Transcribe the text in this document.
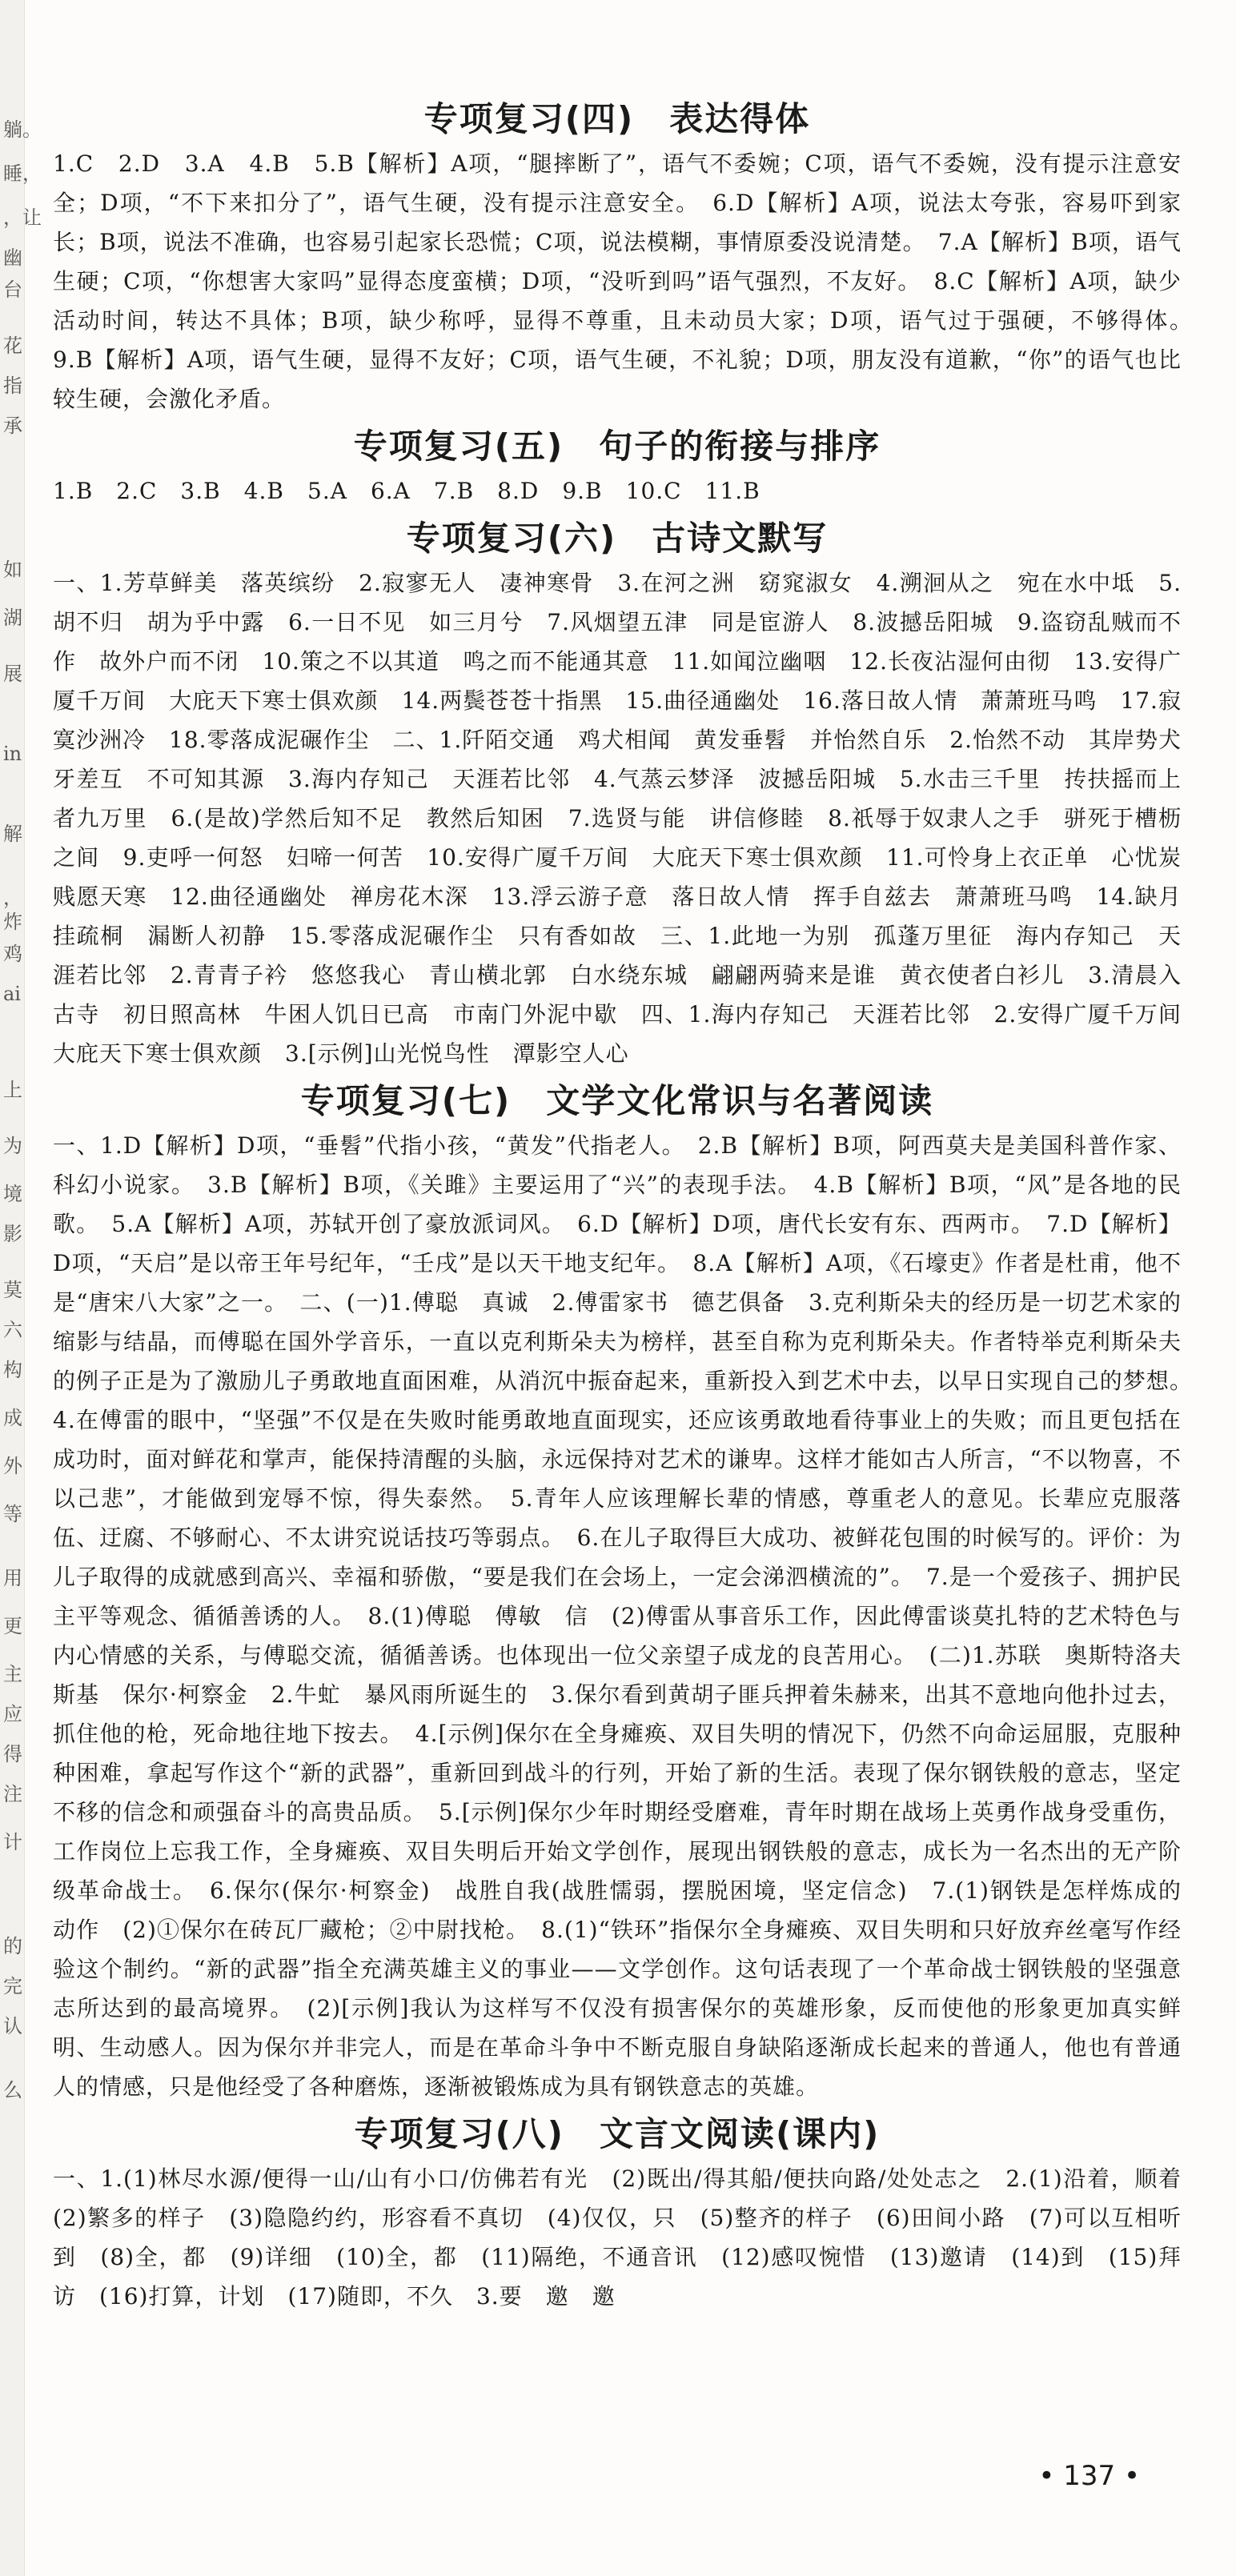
躺。
睡，
，让
幽
台
花
指
承
如
湖
展
in
解
，
炸
鸡
ai
上
为
境
影
莫
六
构
成
外
等
用
更
主
应
得
注
计
的
完
认
么
专项复习(四)　表达得体

1.C　2.D　3.A　4.B　5.B【解析】A项，“腿摔断了”，语气不委婉；C项，语气不委婉，没有提示注意安全；D项，“不下来扣分了”，语气生硬，没有提示注意安全。　6.D【解析】A项，说法太夸张，容易吓到家长；B项，说法不准确，也容易引起家长恐慌；C项，说法模糊，事情原委没说清楚。　7.A【解析】B项，语气生硬；C项，“你想害大家吗”显得态度蛮横；D项，“没听到吗”语气强烈，不友好。　8.C【解析】A项，缺少活动时间，转达不具体；B项，缺少称呼，显得不尊重，且未动员大家；D项，语气过于强硬，不够得体。　9.B【解析】A项，语气生硬，显得不友好；C项，语气生硬，不礼貌；D项，朋友没有道歉，“你”的语气也比较生硬，会激化矛盾。

专项复习(五)　句子的衔接与排序

1.B　2.C　3.B　4.B　5.A　6.A　7.B　8.D　9.B　10.C　11.B

专项复习(六)　古诗文默写

一、1.芳草鲜美　落英缤纷　2.寂寥无人　凄神寒骨　3.在河之洲　窈窕淑女　4.溯洄从之　宛在水中坻　5.胡不归　胡为乎中露　6.一日不见　如三月兮　7.风烟望五津　同是宦游人　8.波撼岳阳城　9.盗窃乱贼而不作　故外户而不闭　10.策之不以其道　鸣之而不能通其意　11.如闻泣幽咽　12.长夜沾湿何由彻　13.安得广厦千万间　大庇天下寒士俱欢颜　14.两鬓苍苍十指黑　15.曲径通幽处　16.落日故人情　萧萧班马鸣　17.寂寞沙洲冷　18.零落成泥碾作尘　二、1.阡陌交通　鸡犬相闻　黄发垂髫　并怡然自乐　2.怡然不动　其岸势犬牙差互　不可知其源　3.海内存知己　天涯若比邻　4.气蒸云梦泽　波撼岳阳城　5.水击三千里　抟扶摇而上者九万里　6.(是故)学然后知不足　教然后知困　7.选贤与能　讲信修睦　8.祇辱于奴隶人之手　骈死于槽枥之间　9.吏呼一何怒　妇啼一何苦　10.安得广厦千万间　大庇天下寒士俱欢颜　11.可怜身上衣正单　心忧炭贱愿天寒　12.曲径通幽处　禅房花木深　13.浮云游子意　落日故人情　挥手自兹去　萧萧班马鸣　14.缺月挂疏桐　漏断人初静　15.零落成泥碾作尘　只有香如故　三、1.此地一为别　孤蓬万里征　海内存知己　天涯若比邻　2.青青子衿　悠悠我心　青山横北郭　白水绕东城　翩翩两骑来是谁　黄衣使者白衫儿　3.清晨入古寺　初日照高林　牛困人饥日已高　市南门外泥中歇　四、1.海内存知己　天涯若比邻　2.安得广厦千万间　大庇天下寒士俱欢颜　3.[示例]山光悦鸟性　潭影空人心

专项复习(七)　文学文化常识与名著阅读

一、1.D【解析】D项，“垂髫”代指小孩，“黄发”代指老人。　2.B【解析】B项，阿西莫夫是美国科普作家、科幻小说家。　3.B【解析】B项，《关雎》主要运用了“兴”的表现手法。　4.B【解析】B项，“风”是各地的民歌。　5.A【解析】A项，苏轼开创了豪放派词风。　6.D【解析】D项，唐代长安有东、西两市。　7.D【解析】D项，“天启”是以帝王年号纪年，“壬戌”是以天干地支纪年。　8.A【解析】A项，《石壕吏》作者是杜甫，他不是“唐宋八大家”之一。　二、(一)1.傅聪　真诚　2.傅雷家书　德艺俱备　3.克利斯朵夫的经历是一切艺术家的缩影与结晶，而傅聪在国外学音乐，一直以克利斯朵夫为榜样，甚至自称为克利斯朵夫。作者特举克利斯朵夫的例子正是为了激励儿子勇敢地直面困难，从消沉中振奋起来，重新投入到艺术中去，以早日实现自己的梦想。　4.在傅雷的眼中，“坚强”不仅是在失败时能勇敢地直面现实，还应该勇敢地看待事业上的失败；而且更包括在成功时，面对鲜花和掌声，能保持清醒的头脑，永远保持对艺术的谦卑。这样才能如古人所言，“不以物喜，不以己悲”，才能做到宠辱不惊，得失泰然。　5.青年人应该理解长辈的情感，尊重老人的意见。长辈应克服落伍、迂腐、不够耐心、不太讲究说话技巧等弱点。　6.在儿子取得巨大成功、被鲜花包围的时候写的。评价：为儿子取得的成就感到高兴、幸福和骄傲，“要是我们在会场上，一定会涕泗横流的”。　7.是一个爱孩子、拥护民主平等观念、循循善诱的人。　8.(1)傅聪　傅敏　信　(2)傅雷从事音乐工作，因此傅雷谈莫扎特的艺术特色与内心情感的关系，与傅聪交流，循循善诱。也体现出一位父亲望子成龙的良苦用心。　(二)1.苏联　奥斯特洛夫斯基　保尔·柯察金　2.牛虻　暴风雨所诞生的　3.保尔看到黄胡子匪兵押着朱赫来，出其不意地向他扑过去，抓住他的枪，死命地往地下按去。　4.[示例]保尔在全身瘫痪、双目失明的情况下，仍然不向命运屈服，克服种种困难，拿起写作这个“新的武器”，重新回到战斗的行列，开始了新的生活。表现了保尔钢铁般的意志，坚定不移的信念和顽强奋斗的高贵品质。　5.[示例]保尔少年时期经受磨难，青年时期在战场上英勇作战身受重伤，工作岗位上忘我工作，全身瘫痪、双目失明后开始文学创作，展现出钢铁般的意志，成长为一名杰出的无产阶级革命战士。　6.保尔(保尔·柯察金)　战胜自我(战胜懦弱，摆脱困境，坚定信念)　7.(1)钢铁是怎样炼成的　动作　(2)①保尔在砖瓦厂藏枪；②中尉找枪。　8.(1)“铁环”指保尔全身瘫痪、双目失明和只好放弃丝毫写作经验这个制约。“新的武器”指全充满英雄主义的事业——文学创作。这句话表现了一个革命战士钢铁般的坚强意志所达到的最高境界。　(2)[示例]我认为这样写不仅没有损害保尔的英雄形象，反而使他的形象更加真实鲜明、生动感人。因为保尔并非完人，而是在革命斗争中不断克服自身缺陷逐渐成长起来的普通人，他也有普通人的情感，只是他经受了各种磨炼，逐渐被锻炼成为具有钢铁意志的英雄。

专项复习(八)　文言文阅读(课内)

一、1.(1)林尽水源/便得一山/山有小口/仿佛若有光　(2)既出/得其船/便扶向路/处处志之　2.(1)沿着，顺着　(2)繁多的样子　(3)隐隐约约，形容看不真切　(4)仅仅，只　(5)整齐的样子　(6)田间小路　(7)可以互相听到　(8)全，都　(9)详细　(10)全，都　(11)隔绝，不通音讯　(12)感叹惋惜　(13)邀请　(14)到　(15)拜访　(16)打算，计划　(17)随即，不久　3.要　邀　邀

• 137 •
